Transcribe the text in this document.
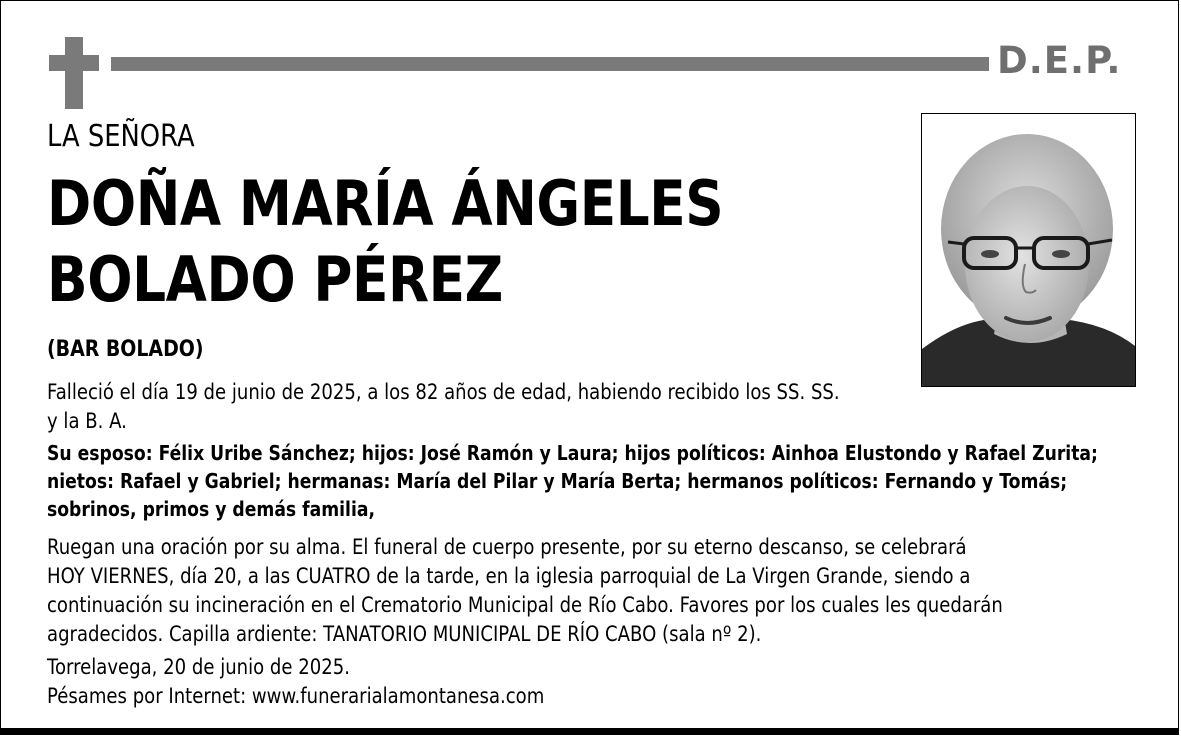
D.E.P.
LA SEÑORA
DOÑA MARÍA ÁNGELES
BOLADO PÉREZ
(BAR BOLADO)
Falleció el día 19 de junio de 2025, a los 82 años de edad, habiendo recibido los SS. SS.
y la B. A.
Su esposo: Félix Uribe Sánchez; hijos: José Ramón y Laura; hijos políticos: Ainhoa Elustondo y Rafael Zurita;
nietos: Rafael y Gabriel; hermanas: María del Pilar y María Berta; hermanos políticos: Fernando y Tomás;
sobrinos, primos y demás familia,
Ruegan una oración por su alma. El funeral de cuerpo presente, por su eterno descanso, se celebrará
HOY VIERNES, día 20, a las CUATRO de la tarde, en la iglesia parroquial de La Virgen Grande, siendo a
continuación su incineración en el Crematorio Municipal de Río Cabo. Favores por los cuales les quedarán
agradecidos. Capilla ardiente: TANATORIO MUNICIPAL DE RÍO CABO (sala nº 2).
Torrelavega, 20 de junio de 2025.
Pésames por Internet: www.funerarialamontanesa.com
